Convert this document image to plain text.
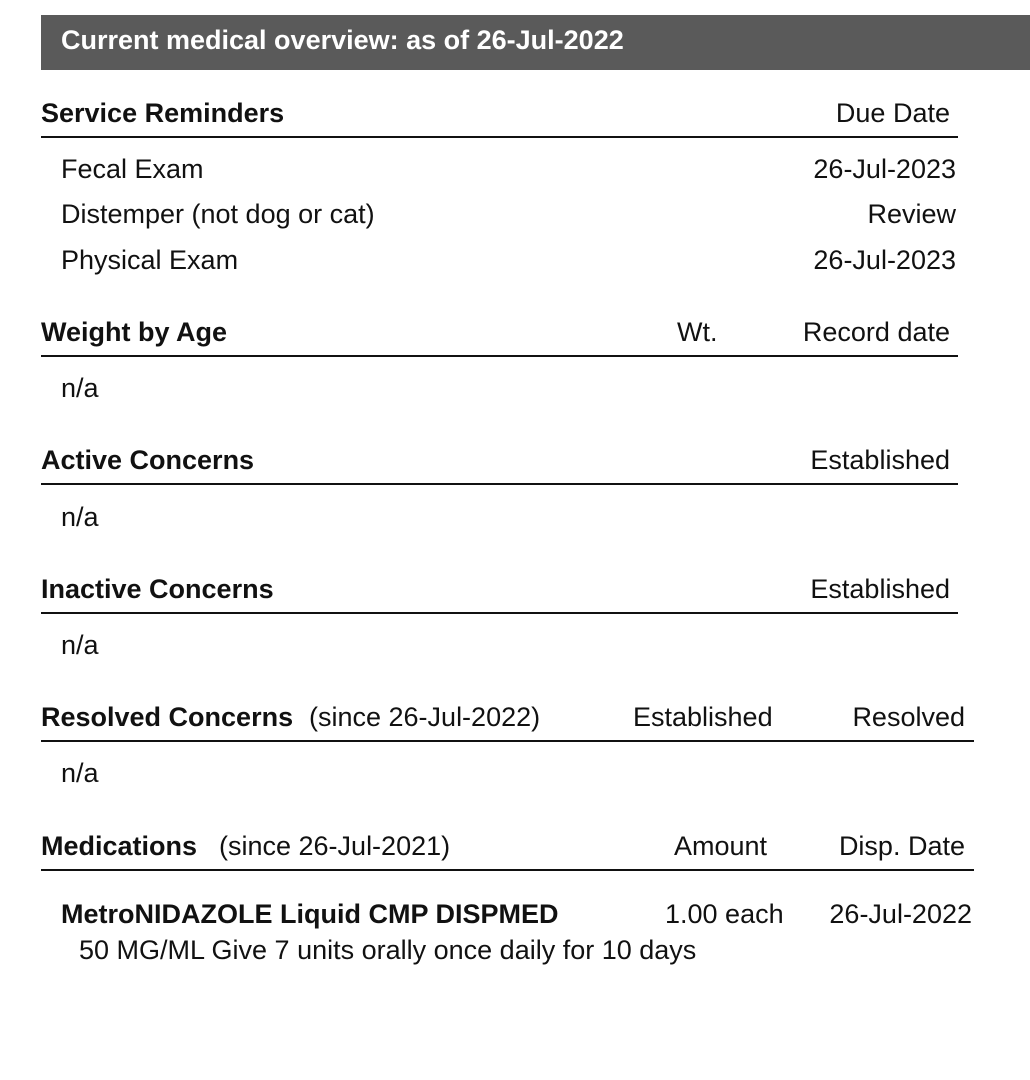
Current medical overview: as of 26-Jul-2022
Service Reminders	Due Date
Fecal Exam	26-Jul-2023
Distemper (not dog or cat)	Review
Physical Exam	26-Jul-2023
Weight by Age	Wt.	Record date
n/a
Active Concerns	Established
n/a
Inactive Concerns	Established
n/a
Resolved Concerns (since 26-Jul-2022)	Established	Resolved
n/a
Medications (since 26-Jul-2021)	Amount	Disp. Date
MetroNIDAZOLE Liquid CMP DISPMED	1.00 each 26-Jul-2022
50 MG/ML Give 7 units orally once daily for 10 days
